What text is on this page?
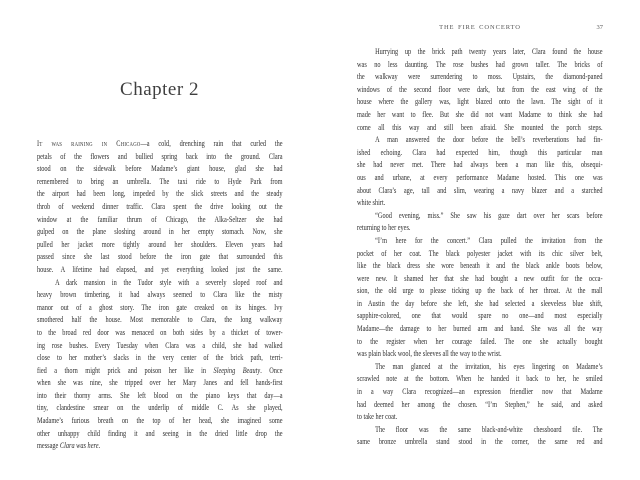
Chapter 2
It was raining in Chicago—a cold, drenching rain that curled the
petals of the flowers and bullied spring back into the ground. Clara
stood on the sidewalk before Madame’s giant house, glad she had
remembered to bring an umbrella. The taxi ride to Hyde Park from
the airport had been long, impeded by the slick streets and the steady
throb of weekend dinner traffic. Clara spent the drive looking out the
window at the familiar thrum of Chicago, the Alka-Seltzer she had
gulped on the plane sloshing around in her empty stomach. Now, she
pulled her jacket more tightly around her shoulders. Eleven years had
passed since she last stood before the iron gate that surrounded this
house. A lifetime had elapsed, and yet everything looked just the same.
A dark mansion in the Tudor style with a severely sloped roof and
heavy brown timbering, it had always seemed to Clara like the misty
manor out of a ghost story. The iron gate creaked on its hinges. Ivy
smothered half the house. Most memorable to Clara, the long walkway
to the broad red door was menaced on both sides by a thicket of tower-
ing rose bushes. Every Tuesday when Clara was a child, she had walked
close to her mother’s slacks in the very center of the brick path, terri-
fied a thorn might prick and poison her like in Sleeping Beauty. Once
when she was nine, she tripped over her Mary Janes and fell hands-first
into their thorny arms. She left blood on the piano keys that day—a
tiny, clandestine smear on the underlip of middle C. As she played,
Madame’s furious breath on the top of her head, she imagined some
other unhappy child finding it and seeing in the dried little drop the
message Clara was here.
THE FIRE CONCERTO	37
Hurrying up the brick path twenty years later, Clara found the house
was no less daunting. The rose bushes had grown taller. The bricks of
the walkway were surrendering to moss. Upstairs, the diamond-paned
windows of the second floor were dark, but from the east wing of the
house where the gallery was, light blazed onto the lawn. The sight of it
made her want to flee. But she did not want Madame to think she had
come all this way and still been afraid. She mounted the porch steps.
A man answered the door before the bell’s reverberations had fin-
ished echoing. Clara had expected him, though this particular man
she had never met. There had always been a man like this, obsequi-
ous and urbane, at every performance Madame hosted. This one was
about Clara’s age, tall and slim, wearing a navy blazer and a starched
white shirt.
“Good evening, miss.” She saw his gaze dart over her scars before
returning to her eyes.
“I’m here for the concert.” Clara pulled the invitation from the
pocket of her coat. The black polyester jacket with its chic silver belt,
like the black dress she wore beneath it and the black ankle boots below,
were new. It shamed her that she had bought a new outfit for the occa-
sion, the old urge to please ticking up the back of her throat. At the mall
in Austin the day before she left, she had selected a sleeveless blue shift,
sapphire-colored, one that would spare no one—and most especially
Madame—the damage to her burned arm and hand. She was all the way
to the register when her courage failed. The one she actually bought
was plain black wool, the sleeves all the way to the wrist.
The man glanced at the invitation, his eyes lingering on Madame’s
scrawled note at the bottom. When he handed it back to her, he smiled
in a way Clara recognized—an expression friendlier now that Madame
had deemed her among the chosen. “I’m Stephen,” he said, and asked
to take her coat.
The floor was the same black-and-white chessboard tile. The
same bronze umbrella stand stood in the corner, the same red and
